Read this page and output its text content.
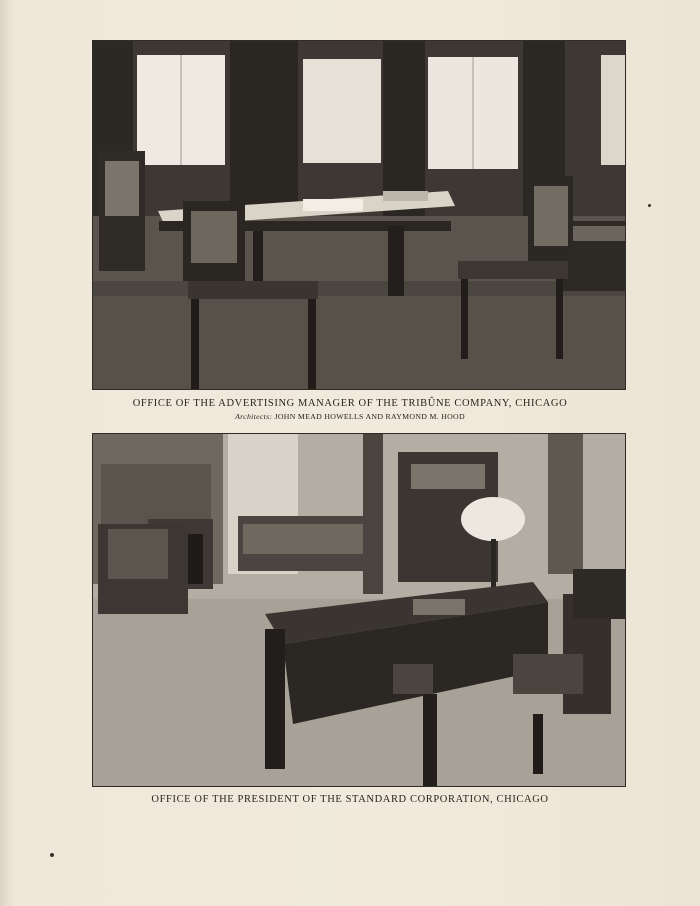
OFFICE OF THE ADVERTISING MANAGER OF THE TRIBÛNE COMPANY, CHICAGO
Architects: JOHN MEAD HOWELLS AND RAYMOND M. HOOD
OFFICE OF THE PRESIDENT OF THE STANDARD CORPORATION, CHICAGO
